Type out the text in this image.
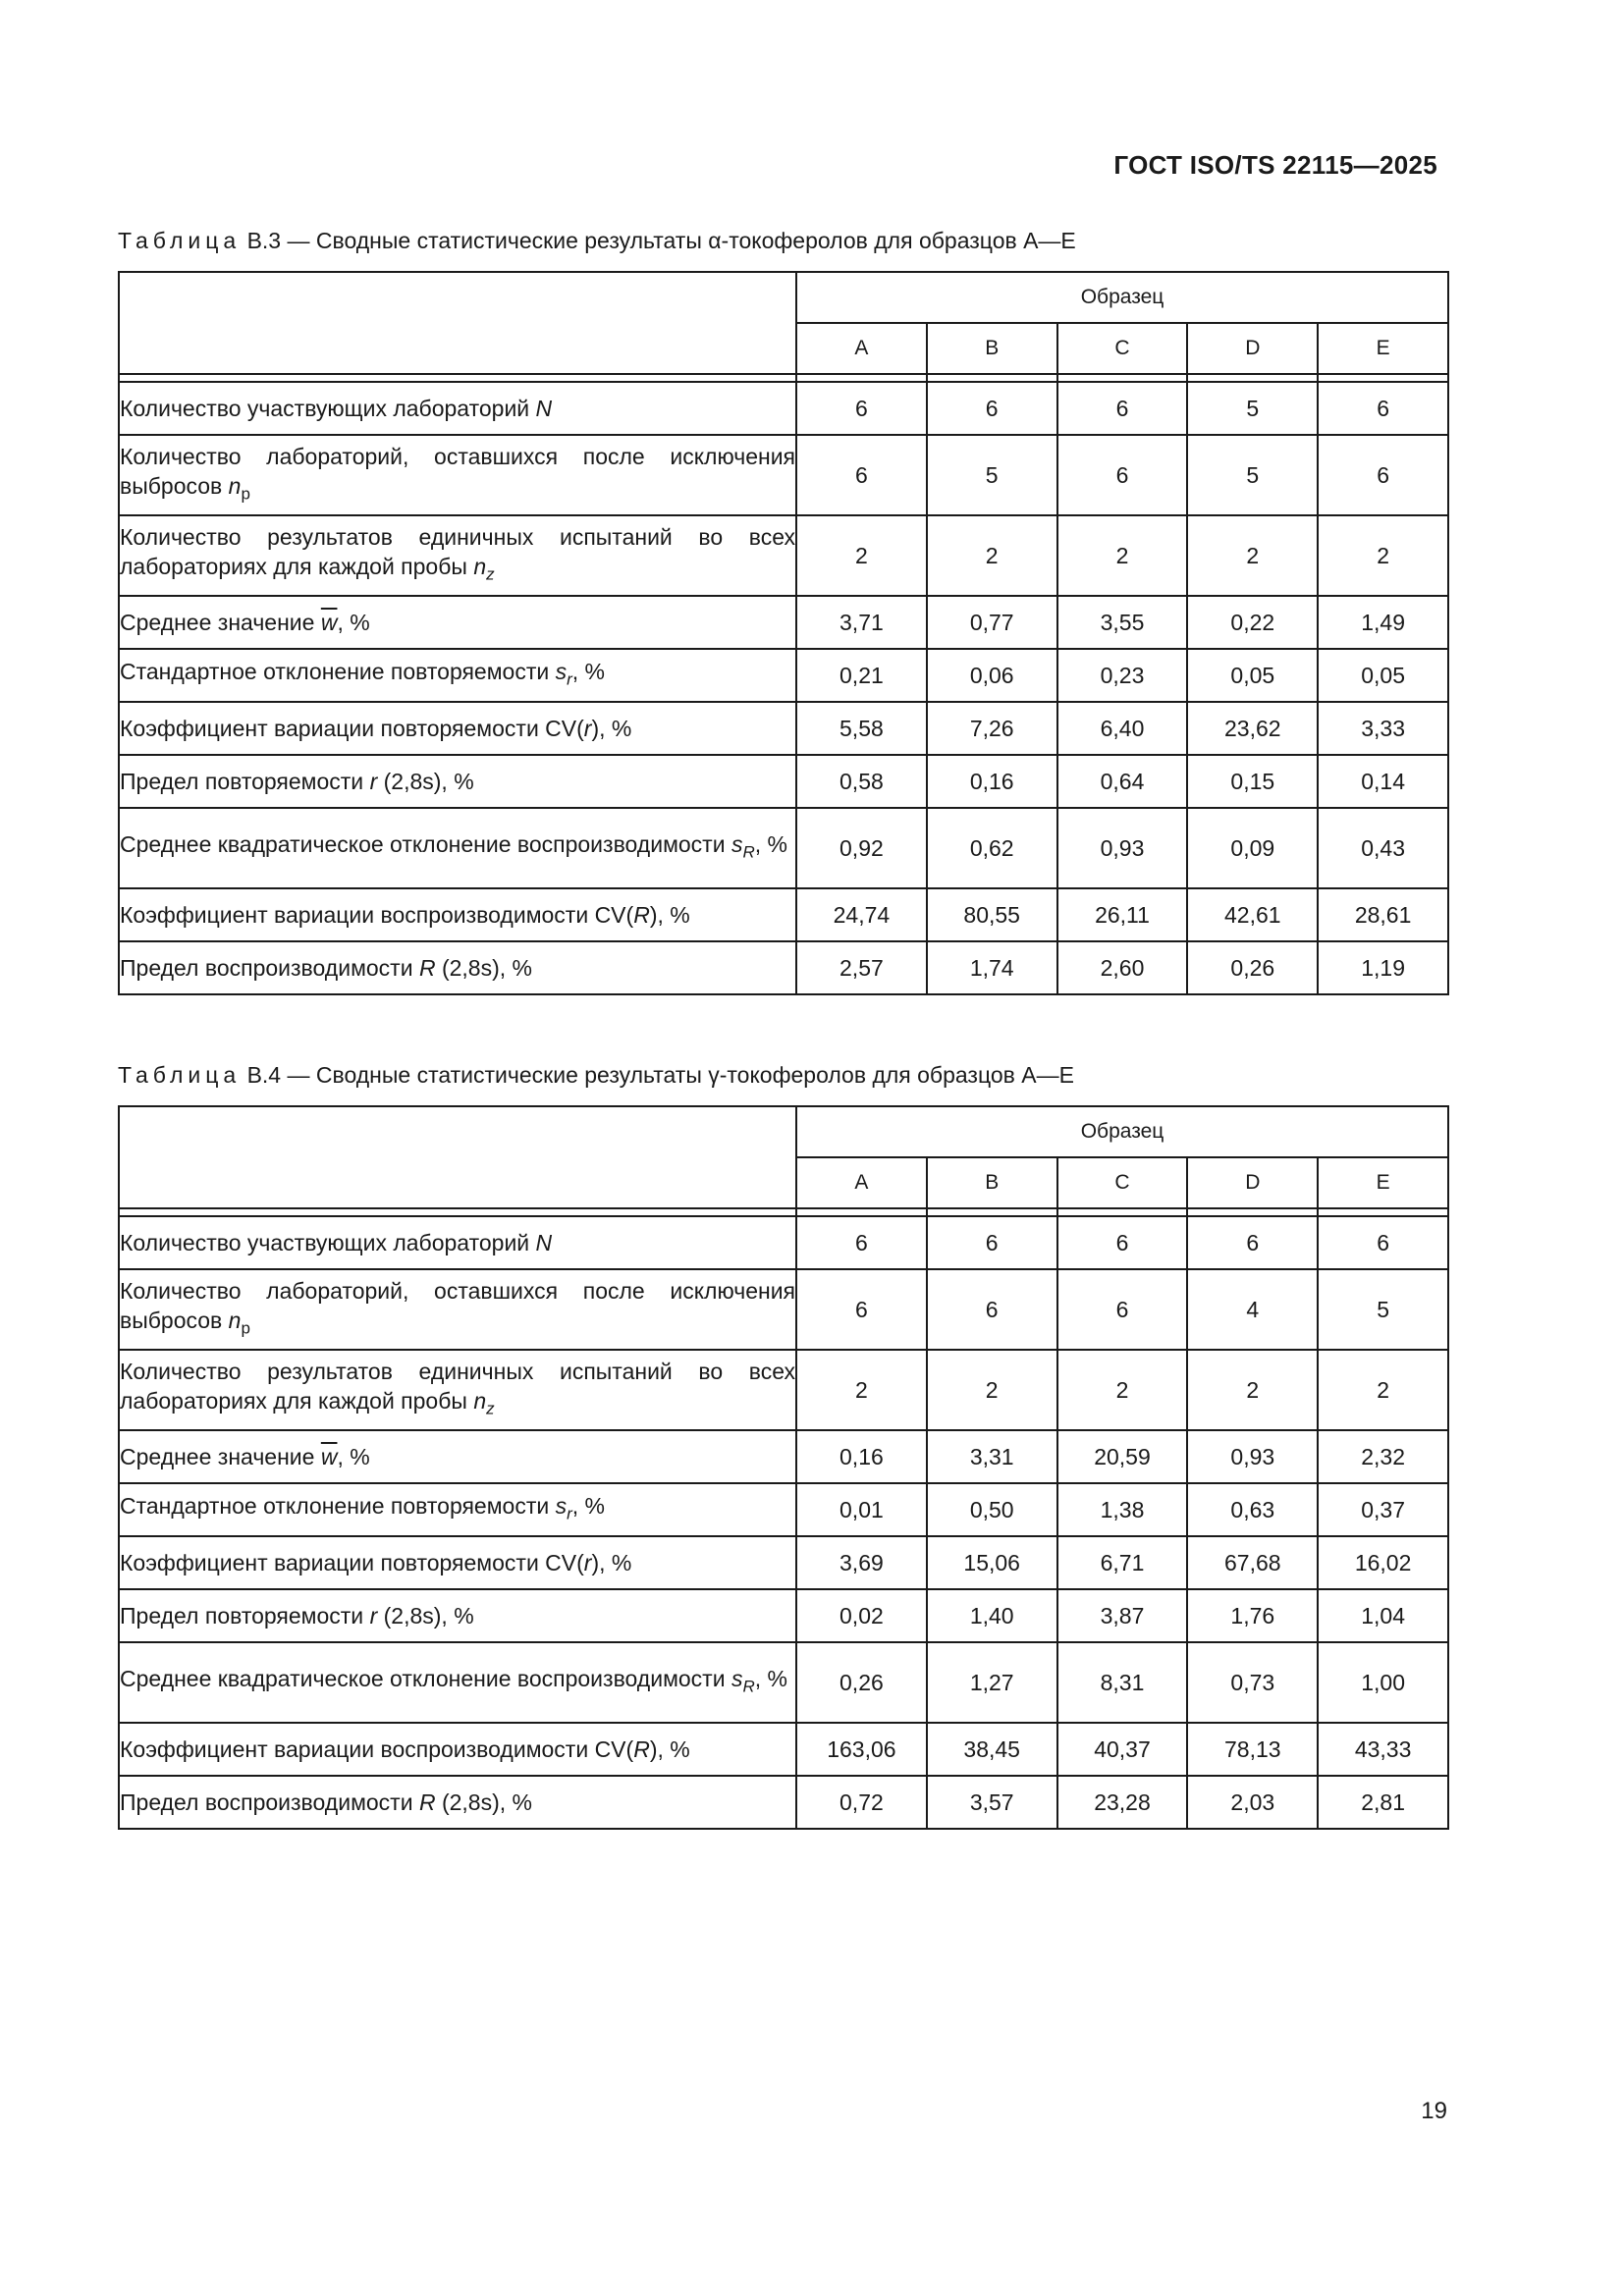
ГОСТ ISO/TS 22115—2025
Таблица B.3 — Сводные статистические результаты α-токоферолов для образцов A—E
	Образец				
	A	B	C	D	E

Количество участвующих лабораторий N	6	6	6	5	6
Количество лабораторий, оставшихся после исключения выбросов $n_p$	6	5	6	5	6
Количество результатов единичных испытаний во всех лабораториях для каждой пробы $n_z$	2	2	2	2	2
Среднее значение $\overline{w}$, %	3,71	0,77	3,55	0,22	1,49
Стандартное отклонение повторяемости $s_r$, %	0,21	0,06	0,23	0,05	0,05
Коэффициент вариации повторяемости CV(r), %	5,58	7,26	6,40	23,62	3,33
Предел повторяемости r (2,8s), %	0,58	0,16	0,64	0,15	0,14
Среднее квадратическое отклонение воспроизводимости $s_R$, %	0,92	0,62	0,93	0,09	0,43
Коэффициент вариации воспроизводимости CV(R), %	24,74	80,55	26,11	42,61	28,61
Предел воспроизводимости R (2,8s), %	2,57	1,74	2,60	0,26	1,19
Таблица B.4 — Сводные статистические результаты γ-токоферолов для образцов A—E
	Образец				
	A	B	C	D	E

Количество участвующих лабораторий N	6	6	6	6	6
Количество лабораторий, оставшихся после исключения выбросов $n_p$	6	6	6	4	5
Количество результатов единичных испытаний во всех лабораториях для каждой пробы $n_z$	2	2	2	2	2
Среднее значение $\overline{w}$, %	0,16	3,31	20,59	0,93	2,32
Стандартное отклонение повторяемости $s_r$, %	0,01	0,50	1,38	0,63	0,37
Коэффициент вариации повторяемости CV(r), %	3,69	15,06	6,71	67,68	16,02
Предел повторяемости r (2,8s), %	0,02	1,40	3,87	1,76	1,04
Среднее квадратическое отклонение воспроизводимости $s_R$, %	0,26	1,27	8,31	0,73	1,00
Коэффициент вариации воспроизводимости CV(R), %	163,06	38,45	40,37	78,13	43,33
Предел воспроизводимости R (2,8s), %	0,72	3,57	23,28	2,03	2,81
19
